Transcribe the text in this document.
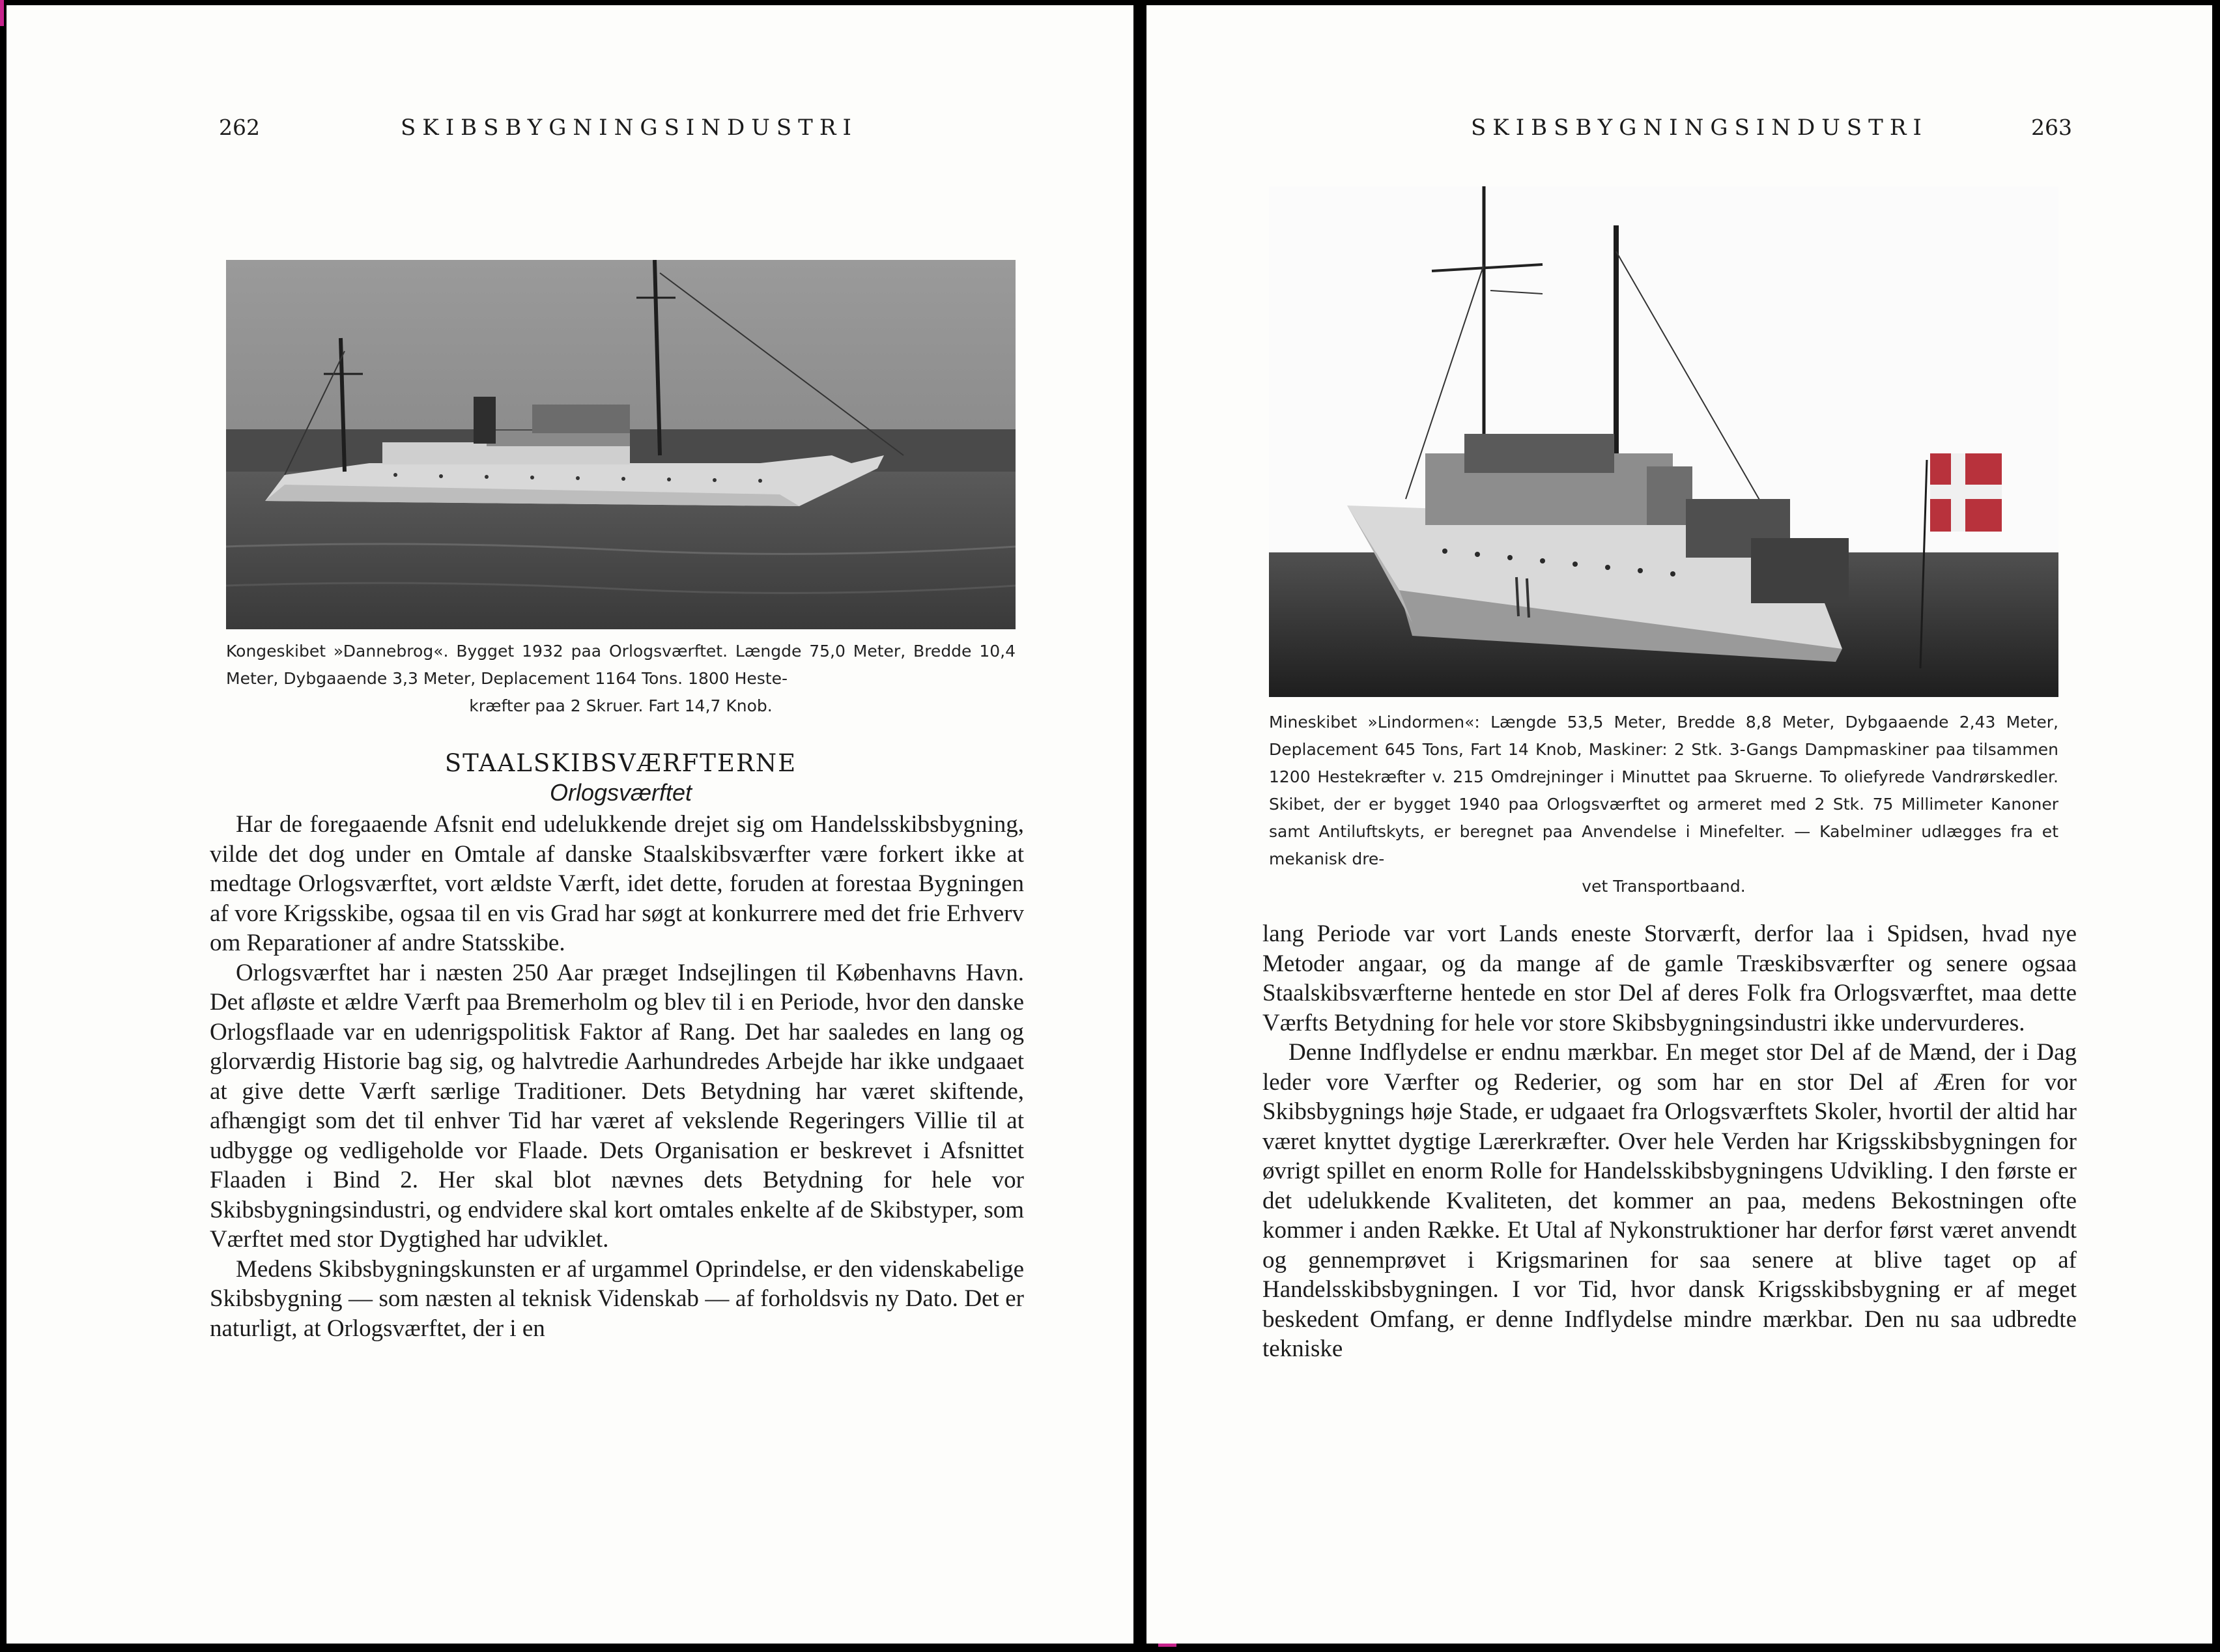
262	SKIBSBYGNINGSINDUSTRI
Kongeskibet »Dannebrog«. Bygget 1932 paa Orlogsværftet. Længde 75,0 Meter, Bredde 10,4 Meter, Dybgaaende 3,3 Meter, Deplacement 1164 Tons. 1800 Heste-
kræfter paa 2 Skruer. Fart 14,7 Knob.
STAALSKIBSVÆRFTERNE
Orlogsværftet

Har de foregaaende Afsnit end udelukkende drejet sig om Handelsskibsbygning, vilde det dog under en Omtale af danske Staalskibsværfter være forkert ikke at medtage Orlogsværftet, vort ældste Værft, idet dette, foruden at forestaa Bygningen af vore Krigsskibe, ogsaa til en vis Grad har søgt at konkurrere med det frie Erhverv om Reparationer af andre Statsskibe.

Orlogsværftet har i næsten 250 Aar præget Indsejlingen til Københavns Havn. Det afløste et ældre Værft paa Bremerholm og blev til i en Periode, hvor den danske Orlogsflaade var en udenrigspolitisk Faktor af Rang. Det har saaledes en lang og glorværdig Historie bag sig, og halvtredie Aarhundredes Arbejde har ikke undgaaet at give dette Værft særlige Traditioner. Dets Betydning har været skiftende, afhængigt som det til enhver Tid har været af vekslende Regeringers Villie til at udbygge og vedligeholde vor Flaade. Dets Organisation er beskrevet i Afsnittet Flaaden i Bind 2. Her skal blot nævnes dets Betydning for hele vor Skibsbygningsindustri, og endvidere skal kort omtales enkelte af de Skibstyper, som Værftet med stor Dygtighed har udviklet.

Medens Skibsbygningskunsten er af urgammel Oprindelse, er den videnskabelige Skibsbygning — som næsten al teknisk Videnskab — af forholdsvis ny Dato. Det er naturligt, at Orlogsværftet, der i en

SKIBSBYGNINGSINDUSTRI	263
Mineskibet »Lindormen«: Længde 53,5 Meter, Bredde 8,8 Meter, Dybgaaende 2,43 Meter, Deplacement 645 Tons, Fart 14 Knob, Maskiner: 2 Stk. 3-Gangs Dampmaskiner paa tilsammen 1200 Hestekræfter v. 215 Omdrejninger i Minuttet paa Skruerne. To oliefyrede Vandrørskedler. Skibet, der er bygget 1940 paa Orlogsværftet og armeret med 2 Stk. 75 Millimeter Kanoner samt Antiluftskyts, er beregnet paa Anvendelse i Minefelter. — Kabelminer udlægges fra et mekanisk dre-
vet Transportbaand.

lang Periode var vort Lands eneste Storværft, derfor laa i Spidsen, hvad nye Metoder angaar, og da mange af de gamle Træskibsværfter og senere ogsaa Staalskibsværfterne hentede en stor Del af deres Folk fra Orlogsværftet, maa dette Værfts Betydning for hele vor store Skibsbygningsindustri ikke undervurderes.

Denne Indflydelse er endnu mærkbar. En meget stor Del af de Mænd, der i Dag leder vore Værfter og Rederier, og som har en stor Del af Æren for vor Skibsbygnings høje Stade, er udgaaet fra Orlogsværftets Skoler, hvortil der altid har været knyttet dygtige Lærerkræfter. Over hele Verden har Krigsskibsbygningen for øvrigt spillet en enorm Rolle for Handelsskibsbygningens Udvikling. I den første er det udelukkende Kvaliteten, det kommer an paa, medens Bekostningen ofte kommer i anden Række. Et Utal af Nykonstruktioner har derfor først været anvendt og gennemprøvet i Krigsmarinen for saa senere at blive taget op af Handelsskibsbygningen. I vor Tid, hvor dansk Krigsskibsbygning er af meget beskedent Omfang, er denne Indflydelse mindre mærkbar. Den nu saa udbredte tekniske
